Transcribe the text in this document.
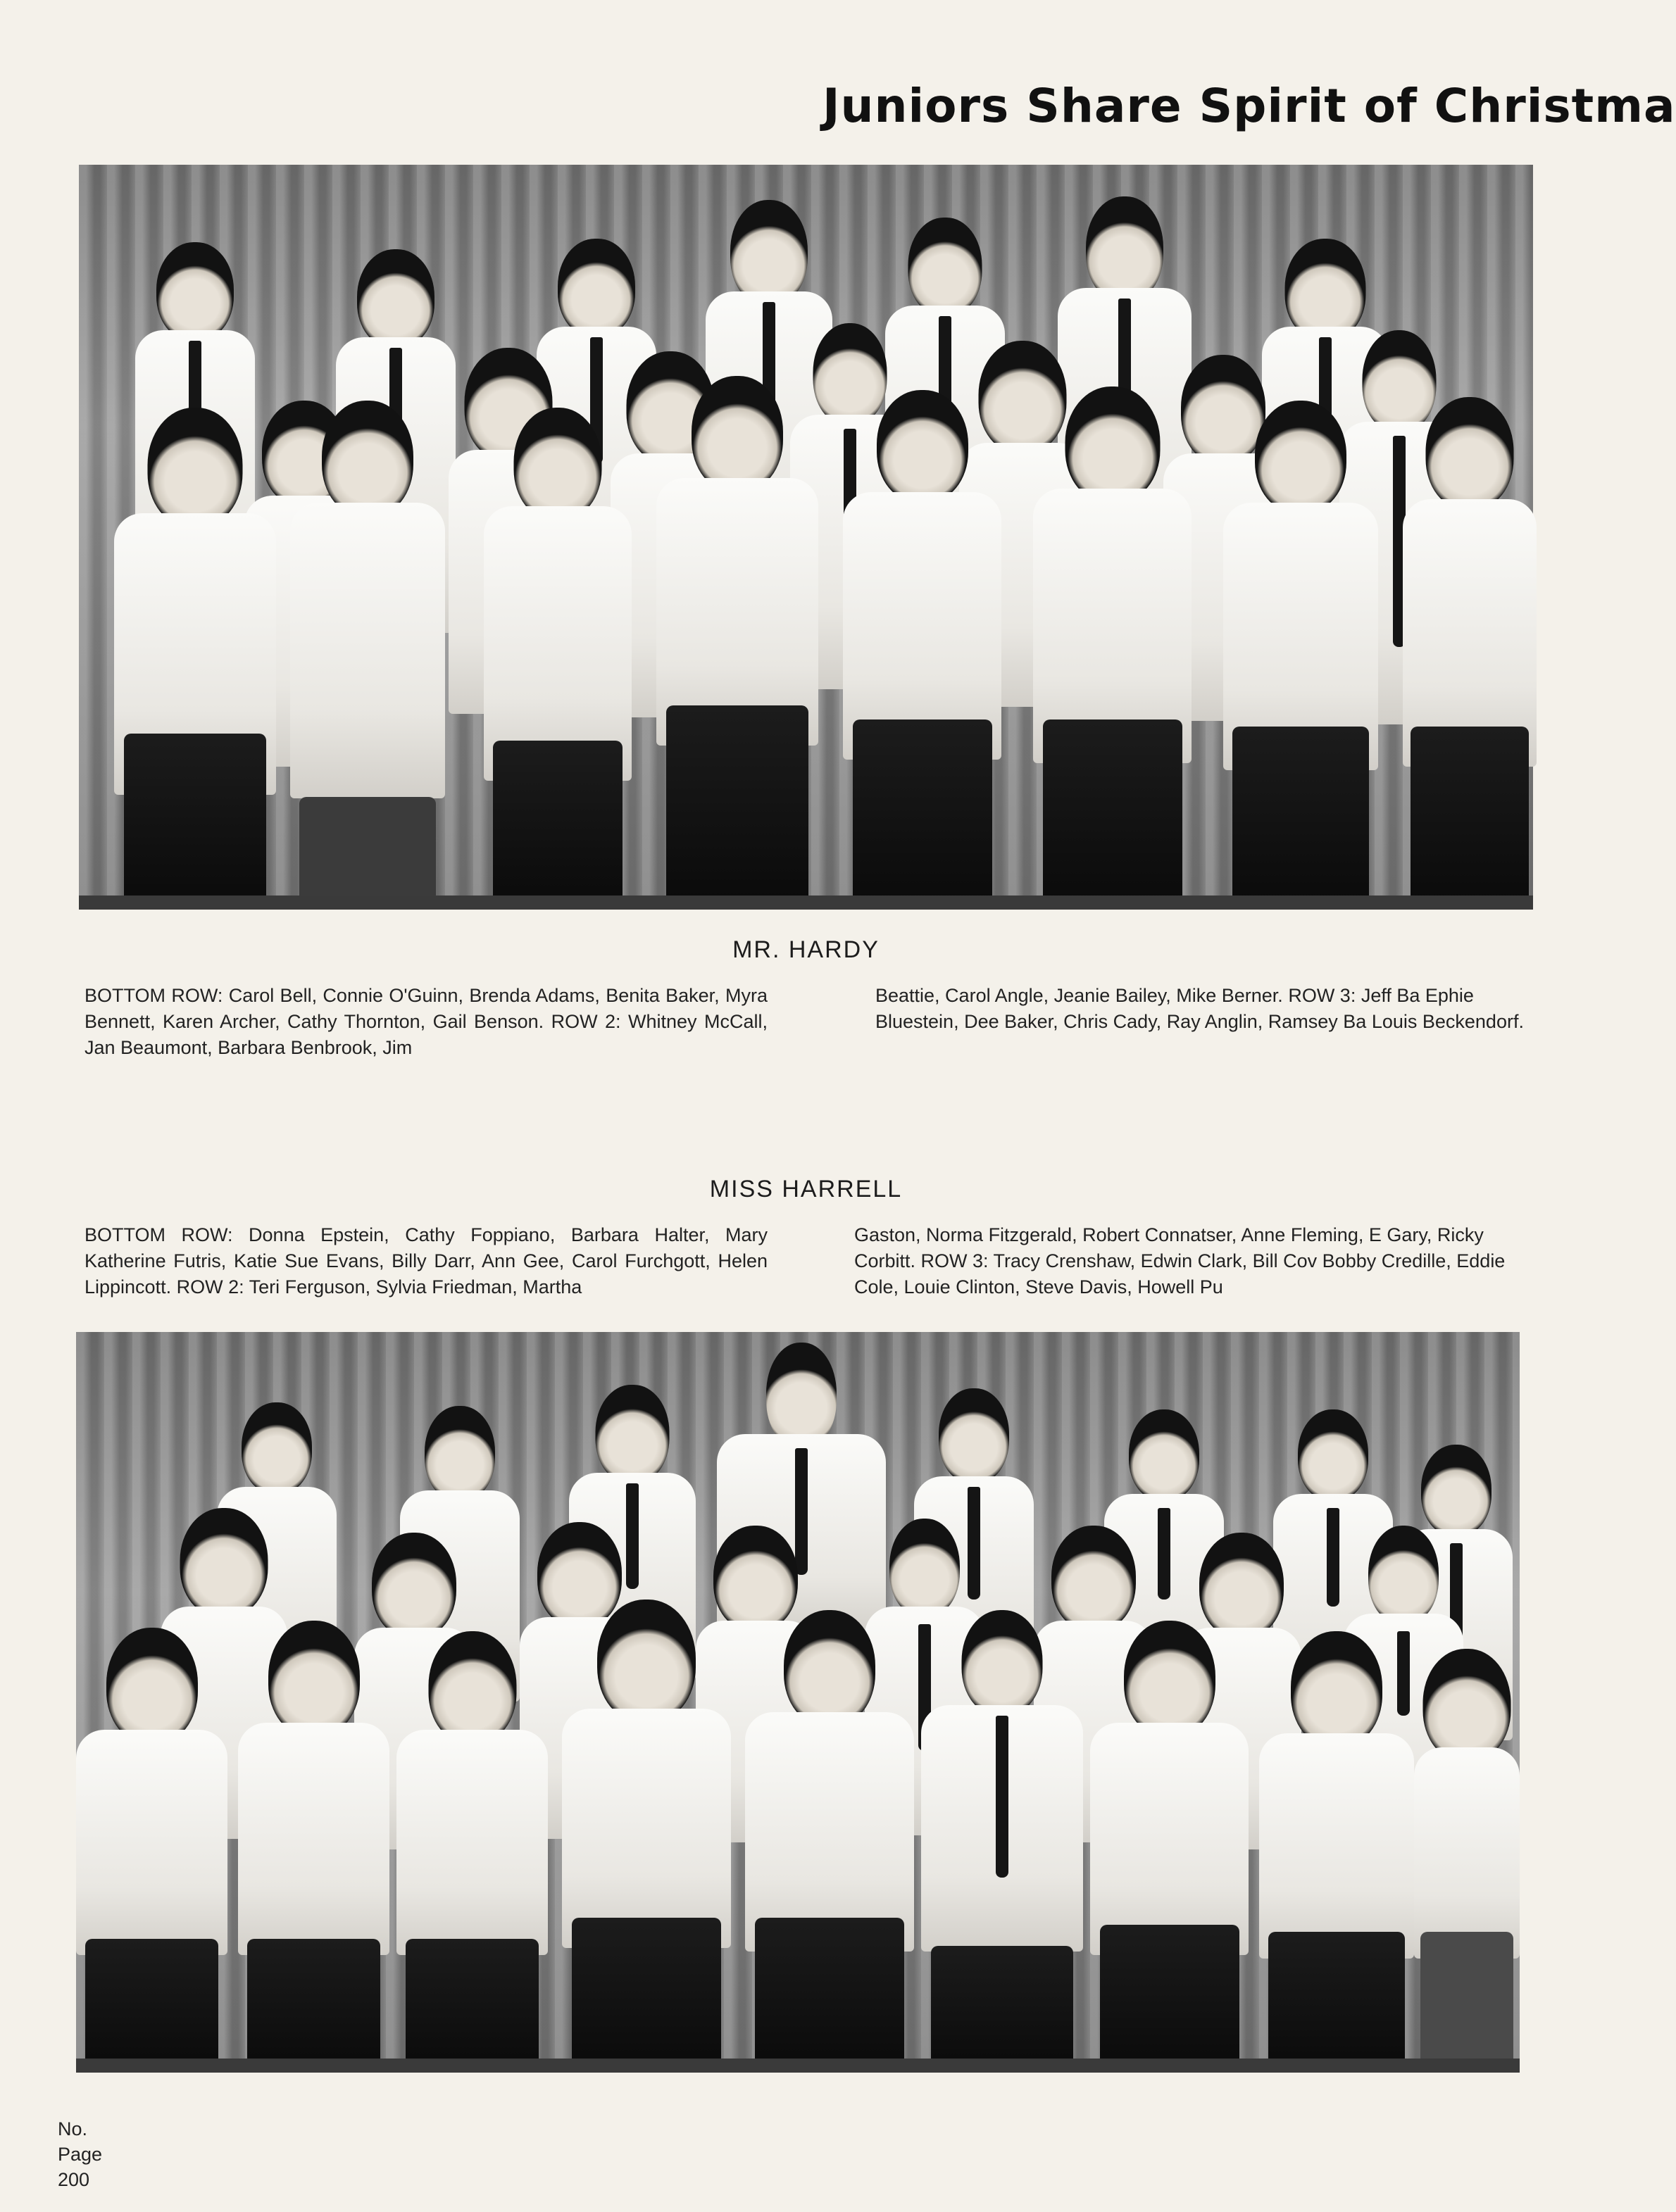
Juniors Share Spirit of Christma
MR. HARDY
BOTTOM ROW: Carol Bell, Connie O'Guinn, Brenda Adams, Benita Baker, Myra Bennett, Karen Archer, Cathy Thornton, Gail Benson. ROW 2: Whitney McCall, Jan Beaumont, Barbara Benbrook, Jim
Beattie, Carol Angle, Jeanie Bailey, Mike Berner. ROW 3: Jeff Ba Ephie Bluestein, Dee Baker, Chris Cady, Ray Anglin, Ramsey Ba Louis Beckendorf.
MISS HARRELL
BOTTOM ROW: Donna Epstein, Cathy Foppiano, Barbara Halter, Mary Katherine Futris, Katie Sue Evans, Billy Darr, Ann Gee, Carol Furchgott, Helen Lippincott. ROW 2: Teri Ferguson, Sylvia Friedman, Martha
Gaston, Norma Fitzgerald, Robert Connatser, Anne Fleming, E Gary, Ricky Corbitt. ROW 3: Tracy Crenshaw, Edwin Clark, Bill Cov Bobby Credille, Eddie Cole, Louie Clinton, Steve Davis, Howell Pu
No.
Page
200
